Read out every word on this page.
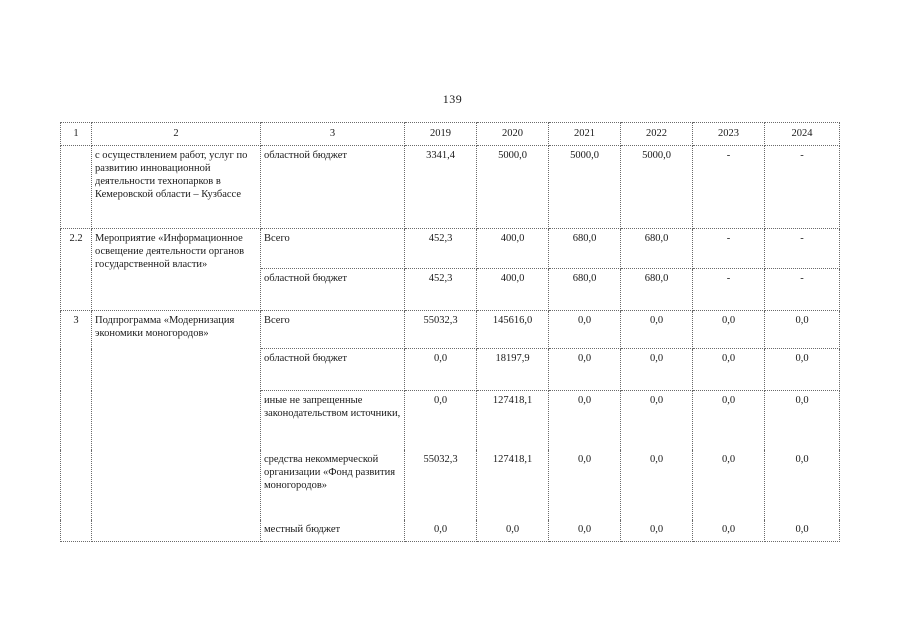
139
1	2	3	2019	2020	2021	2022	2023	2024
	с осуществлением работ, услуг по развитию инновационной деятельности технопарков в Кемеровской области – Кузбассе	областной бюджет	3341,4	5000,0	5000,0	5000,0	-	-
2.2	Мероприятие «Информационное освещение деятельности органов государственной власти»	Всего	452,3	400,0	680,0	680,0	-	-
		областной бюджет	452,3	400,0	680,0	680,0	-	-
3	Подпрограмма «Модернизация экономики моногородов»	Всего	55032,3	145616,0	0,0	0,0	0,0	0,0
		областной бюджет	0,0	18197,9	0,0	0,0	0,0	0,0
		иные не запрещенные законодательством источники,	0,0	127418,1	0,0	0,0	0,0	0,0
		средства некоммерческой организации «Фонд развития моногородов»	55032,3	127418,1	0,0	0,0	0,0	0,0
		местный бюджет	0,0	0,0	0,0	0,0	0,0	0,0
